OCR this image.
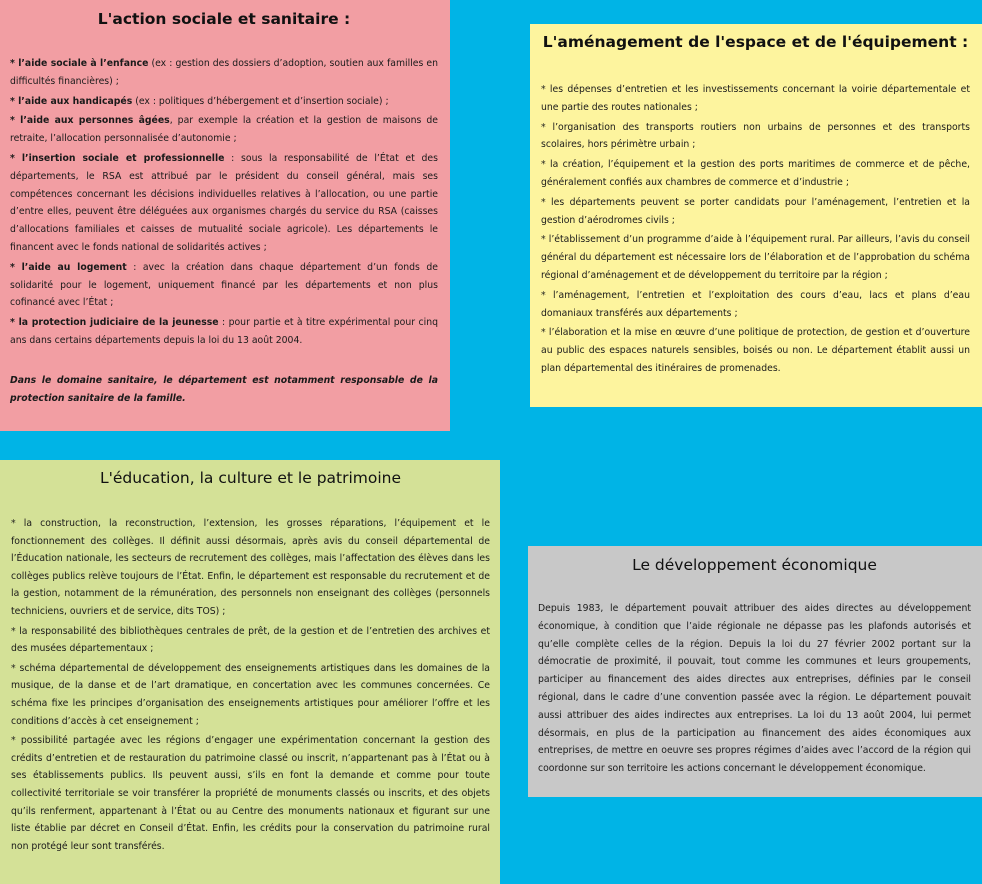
L'action sociale et sanitaire :
* l’aide sociale à l’enfance (ex : gestion des dossiers d’adoption, soutien aux familles en difficultés financières) ;
* l’aide aux handicapés (ex : politiques d’hébergement et d’insertion sociale) ;
* l’aide aux personnes âgées, par exemple la création et la gestion de maisons de retraite, l’allocation personnalisée d’autonomie ;
* l’insertion sociale et professionnelle : sous la responsabilité de l’État et des départements, le RSA est attribué par le président du conseil général, mais ses compétences concernant les décisions individuelles relatives à l’allocation, ou une partie d’entre elles, peuvent être déléguées aux organismes chargés du service du RSA (caisses d’allocations familiales et caisses de mutualité sociale agricole). Les départements le financent avec le fonds national de solidarités actives ;
* l’aide au logement : avec la création dans chaque département d’un fonds de solidarité pour le logement, uniquement financé par les départements et non plus cofinancé avec l’État ;
* la protection judiciaire de la jeunesse : pour partie et à titre expérimental pour cinq ans dans certains départements depuis la loi du 13 août 2004.

Dans le domaine sanitaire, le département est notamment responsable de la protection sanitaire de la famille.

L'aménagement de l'espace et de l'équipement :
* les dépenses d’entretien et les investissements concernant la voirie départementale et une partie des routes nationales ;
* l’organisation des transports routiers non urbains de personnes et des transports scolaires, hors périmètre urbain ;
* la création, l’équipement et la gestion des ports maritimes de commerce et de pêche, généralement confiés aux chambres de commerce et d’industrie ;
* les départements peuvent se porter candidats pour l’aménagement, l’entretien et la gestion d’aérodromes civils ;
* l’établissement d’un programme d’aide à l’équipement rural. Par ailleurs, l’avis du conseil général du département est nécessaire lors de l’élaboration et de l’approbation du schéma régional d’aménagement et de développement du territoire par la région ;
* l’aménagement, l’entretien et l’exploitation des cours d’eau, lacs et plans d’eau domaniaux transférés aux départements ;
* l’élaboration et la mise en œuvre d’une politique de protection, de gestion et d’ouverture au public des espaces naturels sensibles, boisés ou non. Le département établit aussi un plan départemental des itinéraires de promenades.
L'éducation, la culture et le patrimoine
* la construction, la reconstruction, l’extension, les grosses réparations, l’équipement et le fonctionnement des collèges. Il définit aussi désormais, après avis du conseil départemental de l’Éducation nationale, les secteurs de recrutement des collèges, mais l’affectation des élèves dans les collèges publics relève toujours de l’État. Enfin, le département est responsable du recrutement et de la gestion, notamment de la rémunération, des personnels non enseignant des collèges (personnels techniciens, ouvriers et de service, dits TOS) ;
* la responsabilité des bibliothèques centrales de prêt, de la gestion et de l’entretien des archives et des musées départementaux ;
* schéma départemental de développement des enseignements artistiques dans les domaines de la musique, de la danse et de l’art dramatique, en concertation avec les communes concernées. Ce schéma fixe les principes d’organisation des enseignements artistiques pour améliorer l’offre et les conditions d’accès à cet enseignement ;
* possibilité partagée avec les régions d’engager une expérimentation concernant la gestion des crédits d’entretien et de restauration du patrimoine classé ou inscrit, n’appartenant pas à l’État ou à ses établissements publics. Ils peuvent aussi, s’ils en font la demande et comme pour toute collectivité territoriale se voir transférer la propriété de monuments classés ou inscrits, et des objets qu’ils renferment, appartenant à l’État ou au Centre des monuments nationaux et figurant sur une liste établie par décret en Conseil d’État. Enfin, les crédits pour la conservation du patrimoine rural non protégé leur sont transférés.
Le développement économique

Depuis 1983, le département pouvait attribuer des aides directes au développement économique, à condition que l’aide régionale ne dépasse pas les plafonds autorisés et qu’elle complète celles de la région. Depuis la loi du 27 février 2002 portant sur la démocratie de proximité, il pouvait, tout comme les communes et leurs groupements, participer au financement des aides directes aux entreprises, définies par le conseil régional, dans le cadre d’une convention passée avec la région. Le département pouvait aussi attribuer des aides indirectes aux entreprises. La loi du 13 août 2004, lui permet désormais, en plus de la participation au financement des aides économiques aux entreprises, de mettre en oeuvre ses propres régimes d’aides avec l’accord de la région qui coordonne sur son territoire les actions concernant le développement économique.
